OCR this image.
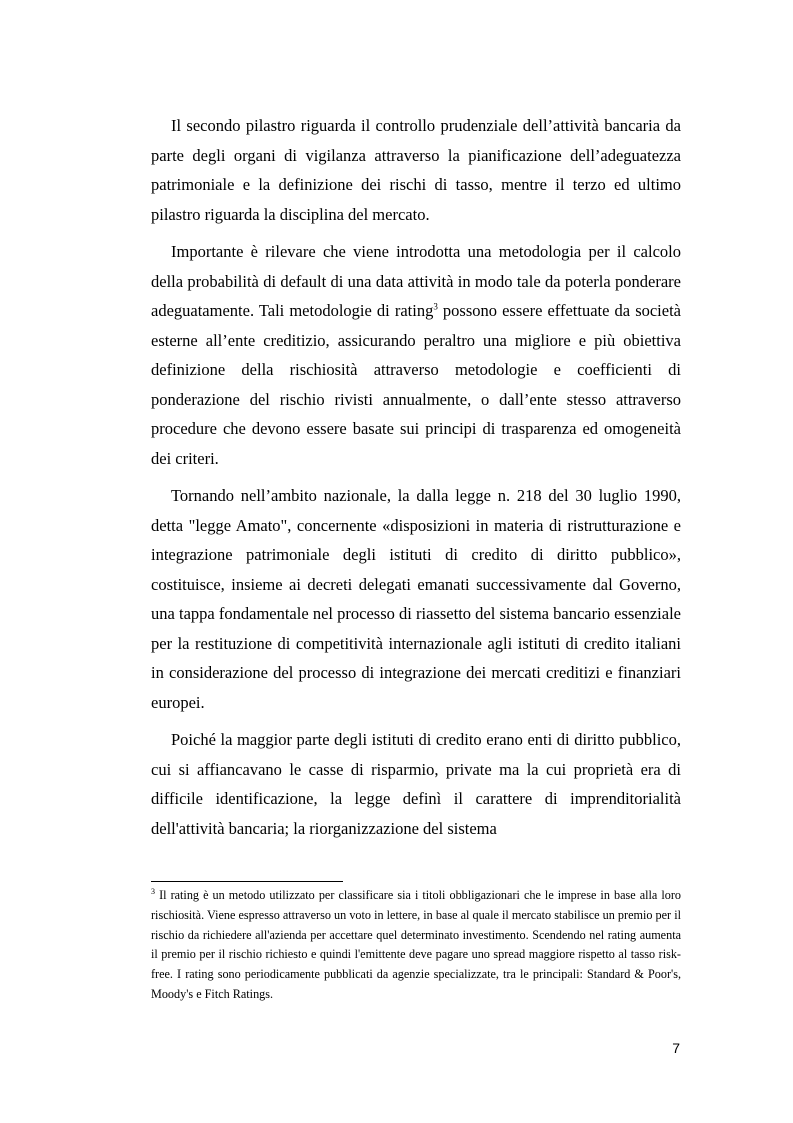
Il secondo pilastro riguarda il controllo prudenziale dell’attività bancaria da parte degli organi di vigilanza attraverso la pianificazione dell’adeguatezza patrimoniale e la definizione dei rischi di tasso, mentre il terzo ed ultimo pilastro riguarda la disciplina del mercato.

Importante è rilevare che viene introdotta una metodologia per il calcolo della probabilità di default di una data attività in modo tale da poterla ponderare adeguatamente. Tali metodologie di rating$^3$ possono essere effettuate da società esterne all’ente creditizio, assicurando peraltro una migliore e più obiettiva definizione della rischiosità attraverso metodologie e coefficienti di ponderazione del rischio rivisti annualmente, o dall’ente stesso attraverso procedure che devono essere basate sui principi di trasparenza ed omogeneità dei criteri.

Tornando nell’ambito nazionale, la dalla legge n. 218 del 30 luglio 1990, detta "legge Amato", concernente «disposizioni in materia di ristrutturazione e integrazione patrimoniale degli istituti di credito di diritto pubblico», costituisce, insieme ai decreti delegati emanati successivamente dal Governo, una tappa fondamentale nel processo di riassetto del sistema bancario essenziale per la restituzione di competitività internazionale agli istituti di credito italiani in considerazione del processo di integrazione dei mercati creditizi e finanziari europei.

Poiché la maggior parte degli istituti di credito erano enti di diritto pubblico, cui si affiancavano le casse di risparmio, private ma la cui proprietà era di difficile identificazione, la legge definì il carattere di imprenditorialità dell'attività bancaria; la riorganizzazione del sistema

$^3$ Il rating è un metodo utilizzato per classificare sia i titoli obbligazionari che le imprese in base alla loro rischiosità. Viene espresso attraverso un voto in lettere, in base al quale il mercato stabilisce un premio per il rischio da richiedere all'azienda per accettare quel determinato investimento. Scendendo nel rating aumenta il premio per il rischio richiesto e quindi l'emittente deve pagare uno spread maggiore rispetto al tasso risk-free. I rating sono periodicamente pubblicati da agenzie specializzate, tra le principali: Standard & Poor's, Moody's e Fitch Ratings.

7
